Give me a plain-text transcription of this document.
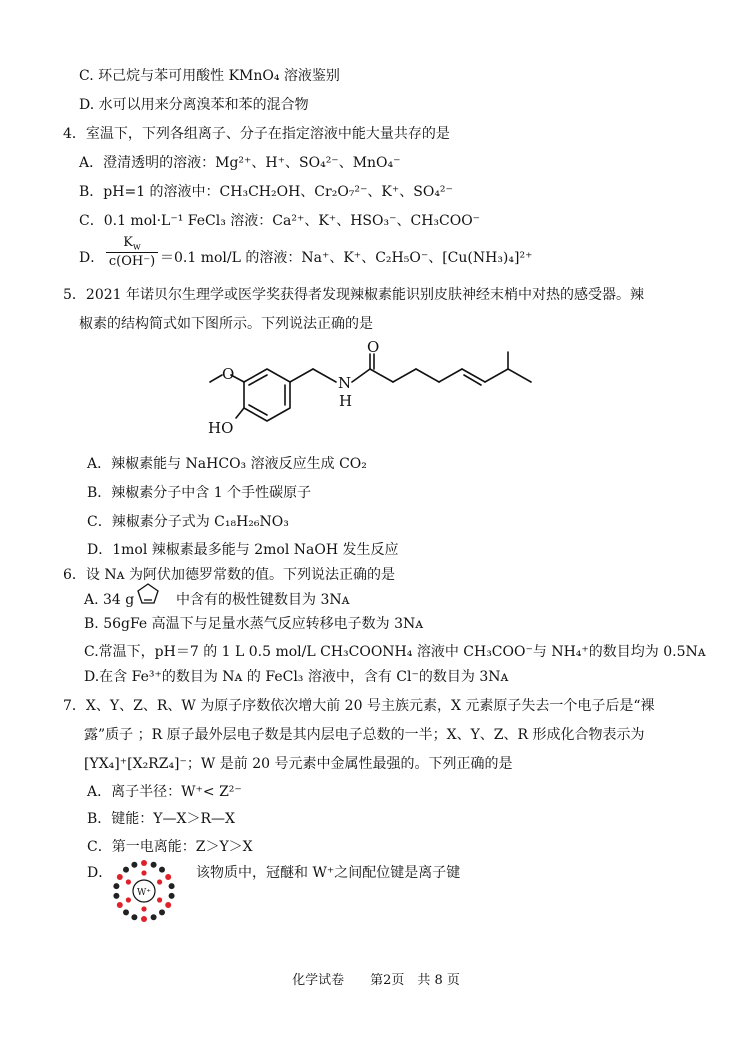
C. 环己烷与苯可用酸性 KMnO₄ 溶液鉴别
D. 水可以用来分离溴苯和苯的混合物
4．室温下，下列各组离子、分子在指定溶液中能大量共存的是
A．澄清透明的溶液：Mg²⁺、H⁺、SO₄²⁻、MnO₄⁻
B．pH=1 的溶液中：CH₃CH₂OH、Cr₂O₇²⁻、K⁺、SO₄²⁻
C．0.1 mol·L⁻¹ FeCl₃ 溶液：Ca²⁺、K⁺、HSO₃⁻、CH₃COO⁻
D．
$K_w$
c(OH⁻) ＝0.1 mol/L 的溶液：Na⁺、K⁺、C₂H₅O⁻、[Cu(NH₃)₄]²⁺
5．2021 年诺贝尔生理学或医学奖获得者发现辣椒素能识别皮肤神经末梢中对热的感受器。辣
椒素的结构简式如下图所示。下列说法正确的是
O
HO
N
H
O
A．辣椒素能与 NaHCO₃ 溶液反应生成 CO₂
B．辣椒素分子中含 1 个手性碳原子
C．辣椒素分子式为 C₁₈H₂₆NO₃
D．1mol 辣椒素最多能与 2mol NaOH 发生反应
6．设 Nᴀ 为阿伏加德罗常数的值。下列说法正确的是
A. 34 g	中含有的极性键数目为 3Nᴀ
B. 56gFe 高温下与足量水蒸气反应转移电子数为 3Nᴀ
C.常温下，pH＝7 的 1 L 0.5 mol/L CH₃COONH₄ 溶液中 CH₃COO⁻与 NH₄⁺的数目均为 0.5Nᴀ
D.在含 Fe³⁺的数目为 Nᴀ 的 FeCl₃ 溶液中，含有 Cl⁻的数目为 3Nᴀ
7．X、Y、Z、R、W 为原子序数依次增大前 20 号主族元素，X 元素原子失去一个电子后是“裸
露”质子 ；R 原子最外层电子数是其内层电子总数的一半；X、Y、Z、R 形成化合物表示为
[YX₄]⁺[X₂RZ₄]⁻；W 是前 20 号元素中金属性最强的。下列正确的是
A．离子半径：W⁺< Z²⁻
B．键能：Y—X＞R—X
C．第一电离能：Z＞Y＞X
D．
W⁺
该物质中，冠醚和 W⁺之间配位键是离子键
化学试卷　　第2页　共 8 页
